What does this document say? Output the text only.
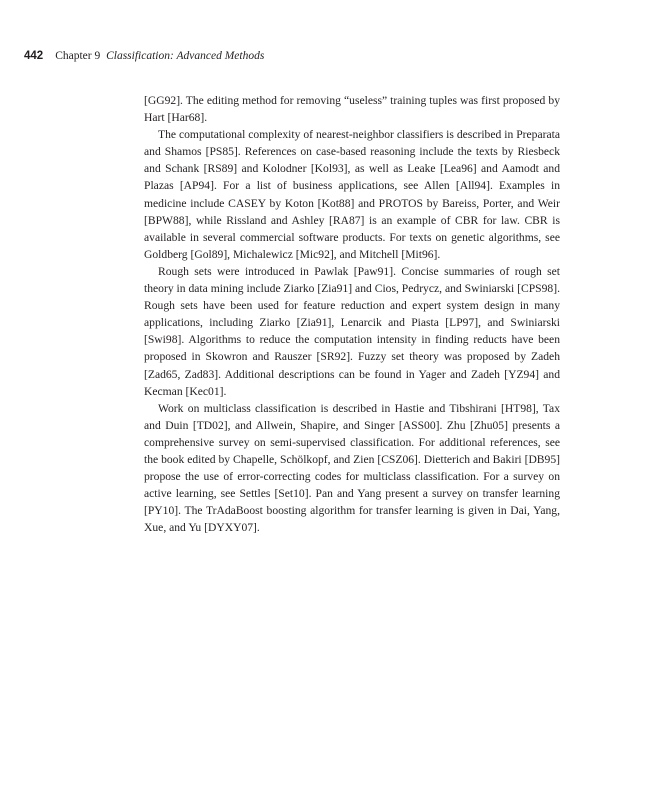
442 Chapter 9 Classification: Advanced Methods

[GG92]. The editing method for removing “useless” training tuples was first proposed by Hart [Har68].

The computational complexity of nearest-neighbor classifiers is described in Preparata and Shamos [PS85]. References on case-based reasoning include the texts by Riesbeck and Schank [RS89] and Kolodner [Kol93], as well as Leake [Lea96] and Aamodt and Plazas [AP94]. For a list of business applications, see Allen [All94]. Examples in medicine include CASEY by Koton [Kot88] and PROTOS by Bareiss, Porter, and Weir [BPW88], while Rissland and Ashley [RA87] is an example of CBR for law. CBR is available in several commercial software products. For texts on genetic algorithms, see Goldberg [Gol89], Michalewicz [Mic92], and Mitchell [Mit96].

Rough sets were introduced in Pawlak [Paw91]. Concise summaries of rough set theory in data mining include Ziarko [Zia91] and Cios, Pedrycz, and Swiniarski [CPS98]. Rough sets have been used for feature reduction and expert system design in many applications, including Ziarko [Zia91], Lenarcik and Piasta [LP97], and Swiniarski [Swi98]. Algorithms to reduce the computation intensity in finding reducts have been proposed in Skowron and Rauszer [SR92]. Fuzzy set theory was proposed by Zadeh [Zad65, Zad83]. Additional descriptions can be found in Yager and Zadeh [YZ94] and Kecman [Kec01].

Work on multiclass classification is described in Hastie and Tibshirani [HT98], Tax and Duin [TD02], and Allwein, Shapire, and Singer [ASS00]. Zhu [Zhu05] presents a comprehensive survey on semi-supervised classification. For additional references, see the book edited by Chapelle, Schölkopf, and Zien [CSZ06]. Dietterich and Bakiri [DB95] propose the use of error-correcting codes for multiclass classification. For a survey on active learning, see Settles [Set10]. Pan and Yang present a survey on transfer learning [PY10]. The TrAdaBoost boosting algorithm for transfer learning is given in Dai, Yang, Xue, and Yu [DYXY07].
